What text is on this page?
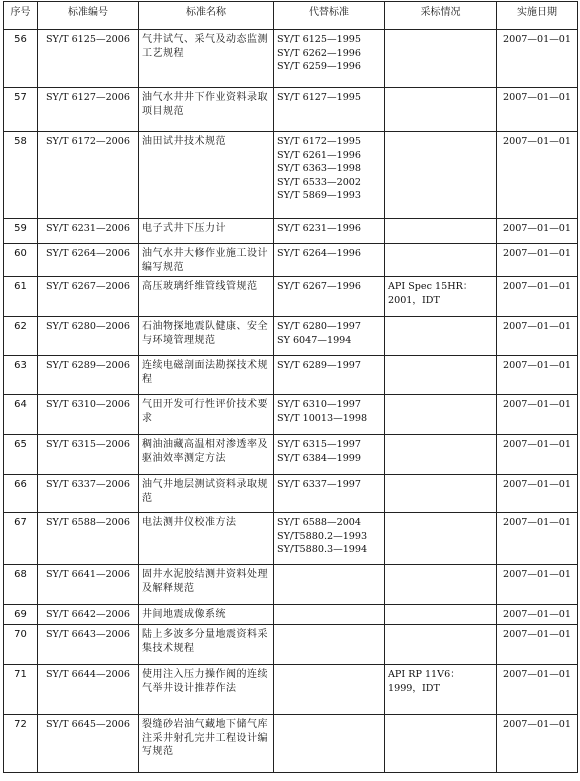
序号	标准编号	标准名称	代替标准	采标情况	实施日期
56	SY/T 6125—2006	气井试气、采气及动态监测工艺规程	SY/T 6125—1995
SY/T 6262—1996
SY/T 6259—1996		2007—01—01
57	SY/T 6127—2006	油气水井井下作业资料录取项目规范	SY/T 6127—1995		2007—01—01
58	SY/T 6172—2006	油田试井技术规范	SY/T 6172—1995
SY/T 6261—1996
SY/T 6363—1998
SY/T 6533—2002
SY/T 5869—1993		2007—01—01
59	SY/T 6231—2006	电子式井下压力计	SY/T 6231—1996		2007—01—01
60	SY/T 6264—2006	油气水井大修作业施工设计编写规范	SY/T 6264—1996		2007—01—01
61	SY/T 6267—2006	高压玻璃纤维管线管规范	SY/T 6267—1996	API Spec 15HR：2001，IDT	2007—01—01
62	SY/T 6280—2006	石油物探地震队健康、安全与环境管理规范	SY/T 6280—1997
SY 6047—1994		2007—01—01
63	SY/T 6289—2006	连续电磁剖面法勘探技术规程	SY/T 6289—1997		2007—01—01
64	SY/T 6310—2006	气田开发可行性评价技术要求	SY/T 6310—1997
SY/T 10013—1998		2007—01—01
65	SY/T 6315—2006	稠油油藏高温相对渗透率及驱油效率测定方法	SY/T 6315—1997
SY/T 6384—1999		2007—01—01
66	SY/T 6337—2006	油气井地层测试资料录取规范	SY/T 6337—1997		2007—01—01
67	SY/T 6588—2006	电法测井仪校准方法	SY/T 6588—2004
SY/T5880.2—1993
SY/T5880.3—1994		2007—01—01
68	SY/T 6641—2006	固井水泥胶结测井资料处理及解释规范			2007—01—01
69	SY/T 6642—2006	井间地震成像系统			2007—01—01
70	SY/T 6643—2006	陆上多波多分量地震资料采集技术规程			2007—01—01
71	SY/T 6644—2006	使用注入压力操作阀的连续气举井设计推荐作法		API RP 11V6：1999，IDT	2007—01—01
72	SY/T 6645—2006	裂缝砂岩油气藏地下储气库注采井射孔完井工程设计编写规范			2007—01—01
